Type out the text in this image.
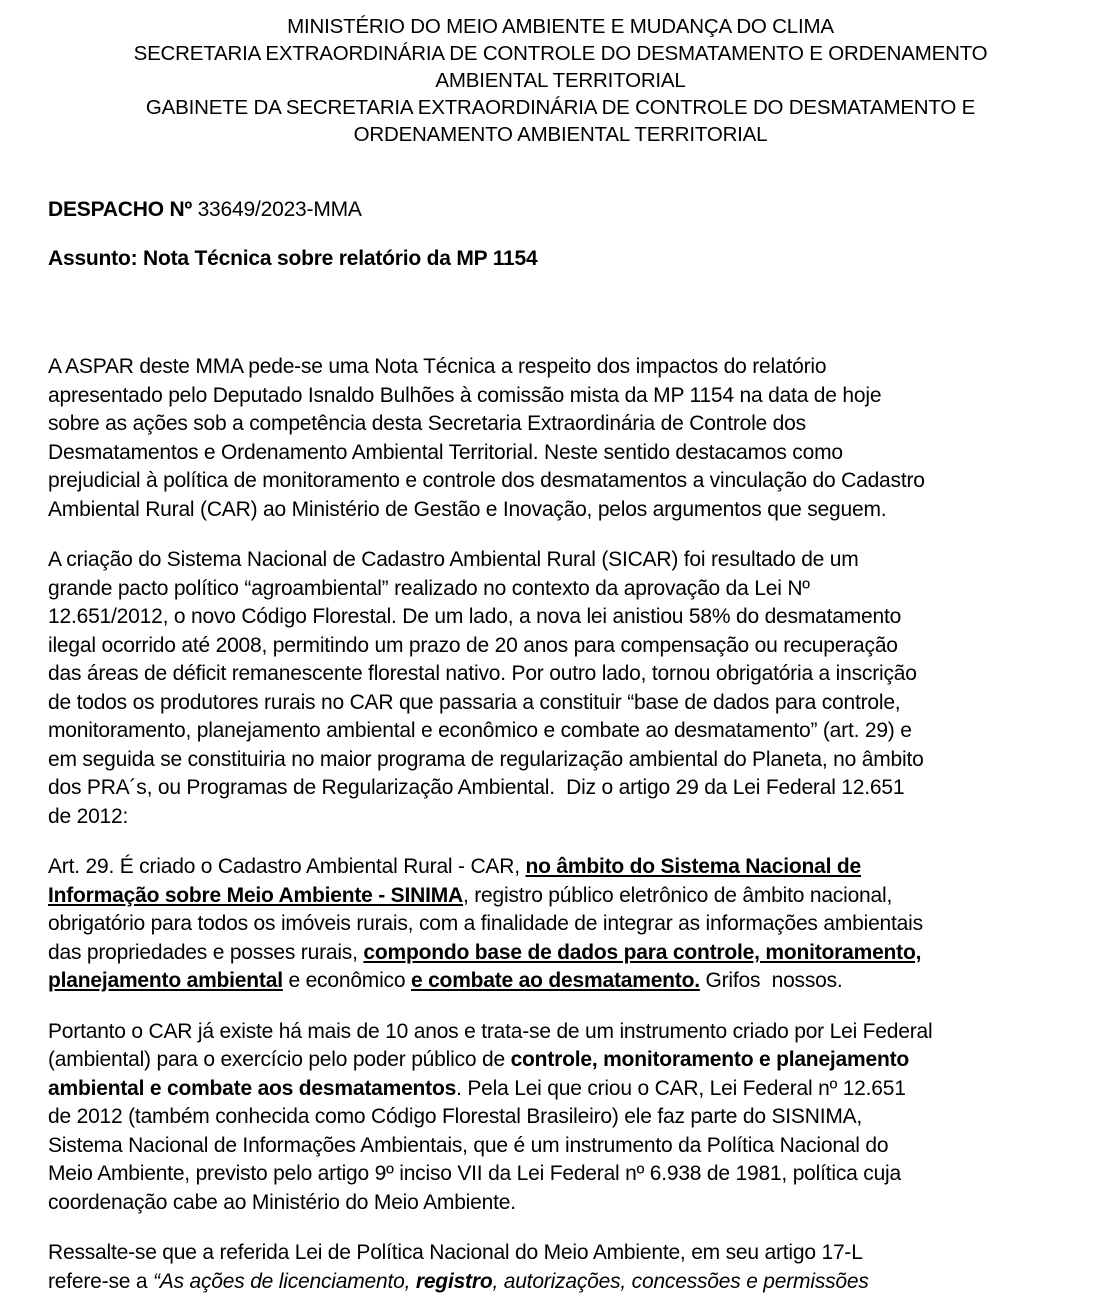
MINISTÉRIO DO MEIO AMBIENTE E MUDANÇA DO CLIMA
SECRETARIA EXTRAORDINÁRIA DE CONTROLE DO DESMATAMENTO E ORDENAMENTO
AMBIENTAL TERRITORIAL
GABINETE DA SECRETARIA EXTRAORDINÁRIA DE CONTROLE DO DESMATAMENTO E
ORDENAMENTO AMBIENTAL TERRITORIAL
DESPACHO Nº 33649/2023-MMA
Assunto: Nota Técnica sobre relatório da MP 1154

A ASPAR deste MMA pede-se uma Nota Técnica a respeito dos impactos do relatório
apresentado pelo Deputado Isnaldo Bulhões à comissão mista da MP 1154 na data de hoje
sobre as ações sob a competência desta Secretaria Extraordinária de Controle dos
Desmatamentos e Ordenamento Ambiental Territorial. Neste sentido destacamos como
prejudicial à política de monitoramento e controle dos desmatamentos a vinculação do Cadastro
Ambiental Rural (CAR) ao Ministério de Gestão e Inovação, pelos argumentos que seguem.

A criação do Sistema Nacional de Cadastro Ambiental Rural (SICAR) foi resultado de um
grande pacto político “agroambiental” realizado no contexto da aprovação da Lei Nº
12.651/2012, o novo Código Florestal. De um lado, a nova lei anistiou 58% do desmatamento
ilegal ocorrido até 2008, permitindo um prazo de 20 anos para compensação ou recuperação
das áreas de déficit remanescente florestal nativo. Por outro lado, tornou obrigatória a inscrição
de todos os produtores rurais no CAR que passaria a constituir “base de dados para controle,
monitoramento, planejamento ambiental e econômico e combate ao desmatamento” (art. 29) e
em seguida se constituiria no maior programa de regularização ambiental do Planeta, no âmbito
dos PRA´s, ou Programas de Regularização Ambiental.  Diz o artigo 29 da Lei Federal 12.651
de 2012:

Art. 29. É criado o Cadastro Ambiental Rural - CAR, no âmbito do Sistema Nacional de
Informação sobre Meio Ambiente - SINIMA, registro público eletrônico de âmbito nacional,
obrigatório para todos os imóveis rurais, com a finalidade de integrar as informações ambientais
das propriedades e posses rurais, compondo base de dados para controle, monitoramento,
planejamento ambiental e econômico e combate ao desmatamento. Grifos  nossos.

Portanto o CAR já existe há mais de 10 anos e trata-se de um instrumento criado por Lei Federal
(ambiental) para o exercício pelo poder público de controle, monitoramento e planejamento
ambiental e combate aos desmatamentos. Pela Lei que criou o CAR, Lei Federal nº 12.651
de 2012 (também conhecida como Código Florestal Brasileiro) ele faz parte do SISNIMA,
Sistema Nacional de Informações Ambientais, que é um instrumento da Política Nacional do
Meio Ambiente, previsto pelo artigo 9º inciso VII da Lei Federal nº 6.938 de 1981, política cuja
coordenação cabe ao Ministério do Meio Ambiente.

Ressalte-se que a referida Lei de Política Nacional do Meio Ambiente, em seu artigo 17-L
refere-se a “As ações de licenciamento, registro, autorizações, concessões e permissões
